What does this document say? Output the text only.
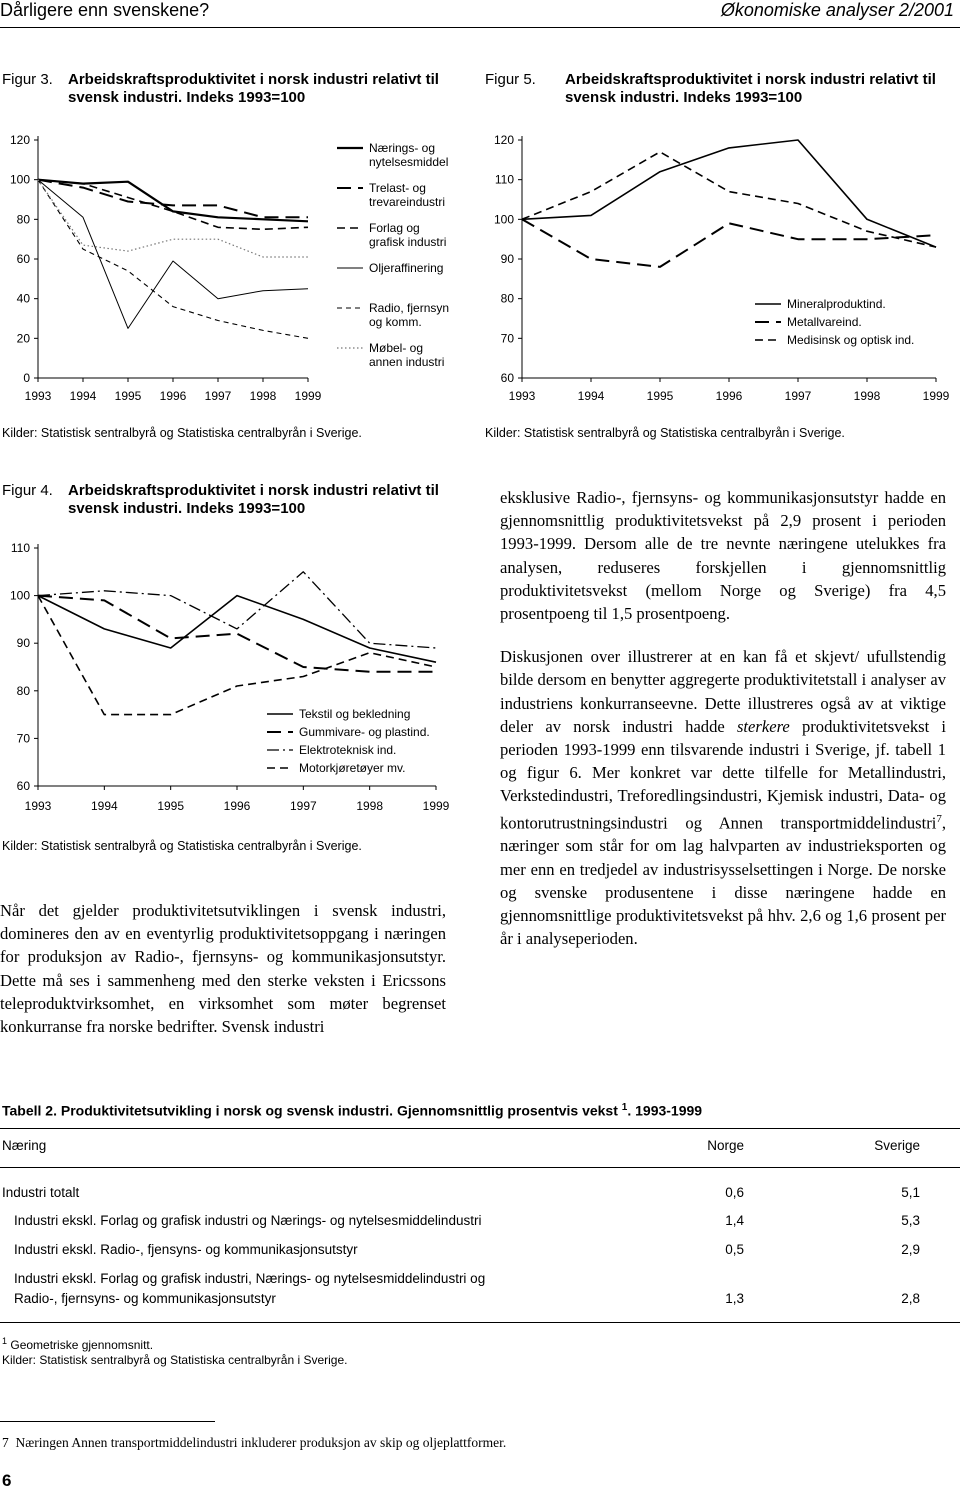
Dårligere enn svenskene?	Økonomiske analyser 2/2001
Figur 3. Arbeidskraftsproduktivitet i norsk industri relativt til svensk industri. Indeks 1993=100
Figur 5. Arbeidskraftsproduktivitet i norsk industri relativt til svensk industri. Indeks 1993=100
0
20
40
60
80
100
120
1993 1994 1995 1996 1997 1998 1999
Nærings- og
nytelsesmiddel
Trelast- og
trevareindustri
Forlag og
grafisk industri
Oljeraffinering
Radio, fjernsyn
og komm.
Møbel- og
annen industri
Kilder: Statistisk sentralbyrå og Statistiska centralbyrån i Sverige.
60
70
80
90
100
110
120
1993	1994	1995	1996	1997	1998	1999
Mineralproduktind.
Metallvareind.
Medisinsk og optisk ind.
Kilder: Statistisk sentralbyrå og Statistiska centralbyrån i Sverige.
Figur 4. Arbeidskraftsproduktivitet i norsk industri relativt til svensk industri. Indeks 1993=100
60
70
80
90
100
110
1993	1994	1995	1996	1997	1998	1999
Tekstil og bekledning
Gummivare- og plastind.
Elektroteknisk ind.
Motorkjøretøyer mv.
Kilder: Statistisk sentralbyrå og Statistiska centralbyrån i Sverige.

Når det gjelder produktivitetsutviklingen i svensk industri, domineres den av en eventyrlig produktivitetsoppgang i næringen for produksjon av Radio-, fjernsyns- og kommunikasjonsutstyr. Dette må ses i sammenheng med den sterke veksten i Ericssons teleproduktvirksomhet, en virksomhet som møter begrenset konkurranse fra norske bedrifter. Svensk industri

eksklusive Radio-, fjernsyns- og kommunikasjonsutstyr hadde en gjennomsnittlig produktivitetsvekst på 2,9 prosent i perioden 1993-1999. Dersom alle de tre nevnte næringene utelukkes fra analysen, reduseres forskjellen i gjennomsnittlig produktivitetsvekst (mellom Norge og Sverige) fra 4,5 prosentpoeng til 1,5 prosentpoeng.

Diskusjonen over illustrerer at en kan få et skjevt/ ufullstendig bilde dersom en benytter aggregerte produktivitetstall i analyser av industriens konkurranseevne. Dette illustreres også av at viktige deler av norsk industri hadde sterkere produktivitetsvekst i perioden 1993-1999 enn tilsvarende industri i Sverige, jf. tabell 1 og figur 6. Mer konkret var dette tilfelle for Metallindustri, Verkstedindustri, Treforedlingsindustri, Kjemisk industri, Data- og kontorutrustningsindustri og Annen transportmiddelindustri$^7$, næringer som står for om lag halvparten av industrieksporten og mer enn en tredjedel av industrisysselsettingen i Norge. De norske og svenske produsentene i disse næringene hadde en gjennomsnittlige produktivitetsvekst på hhv. 2,6 og 1,6 prosent per år i analyseperioden.

Tabell 2. Produktivitetsutvikling i norsk og svensk industri. Gjennomsnittlig prosentvis vekst $^1$. 1993-1999
Næring	Norge	Sverige
Industri totalt	0,6	5,1
Industri ekskl. Forlag og grafisk industri og Nærings- og nytelsesmiddelindustri	1,4	5,3
Industri ekskl. Radio-, fjensyns- og kommunikasjonsutstyr	0,5	2,9
Industri ekskl. Forlag og grafisk industri, Nærings- og nytelsesmiddelindustri og
Radio-, fjernsyns- og kommunikasjonsutstyr	1,3	2,8
$^1$ Geometriske gjennomsnitt.
Kilder: Statistisk sentralbyrå og Statistiska centralbyrån i Sverige.
7 Næringen Annen transportmiddelindustri inkluderer produksjon av skip og oljeplattformer.
6
